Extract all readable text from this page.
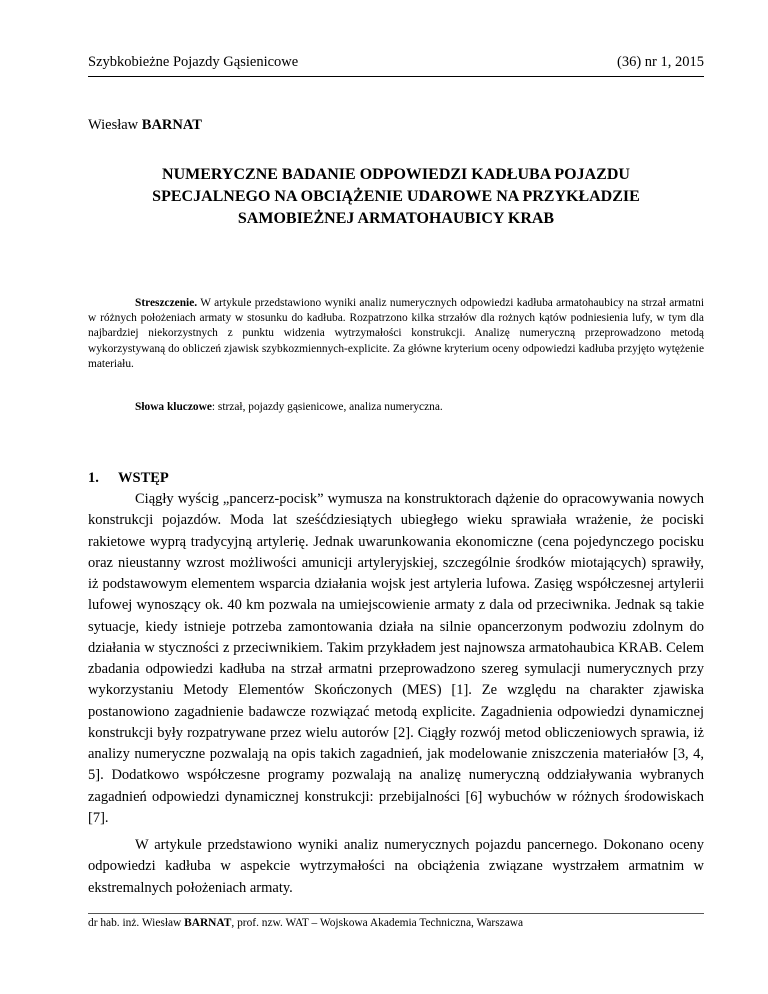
Szybkobieżne Pojazdy Gąsienicowe	(36) nr 1, 2015
Wiesław BARNAT
NUMERYCZNE BADANIE ODPOWIEDZI KADŁUBA POJAZDU
SPECJALNEGO NA OBCIĄŻENIE UDAROWE NA PRZYKŁADZIE
SAMOBIEŻNEJ ARMATOHAUBICY KRAB
Streszczenie. W artykule przedstawiono wyniki analiz numerycznych odpowiedzi kadłuba armatohaubicy na strzał armatni w różnych położeniach armaty w stosunku do kadłuba. Rozpatrzono kilka strzałów dla rożnych kątów podniesienia lufy, w tym dla najbardziej niekorzystnych z punktu widzenia wytrzymałości konstrukcji. Analizę numeryczną przeprowadzono metodą wykorzystywaną do obliczeń zjawisk szybkozmiennych-explicite. Za główne kryterium oceny odpowiedzi kadłuba przyjęto wytężenie materiału.
Słowa kluczowe: strzał, pojazdy gąsienicowe, analiza numeryczna.
1. WSTĘP
Ciągły wyścig „pancerz-pocisk” wymusza na konstruktorach dążenie do opracowywania nowych konstrukcji pojazdów. Moda lat sześćdziesiątych ubiegłego wieku sprawiała wrażenie, że pociski rakietowe wyprą tradycyjną artylerię. Jednak uwarunkowania ekonomiczne (cena pojedynczego pocisku oraz nieustanny wzrost możliwości amunicji artyleryjskiej, szczególnie środków miotających) sprawiły, iż podstawowym elementem wsparcia działania wojsk jest artyleria lufowa. Zasięg współczesnej artylerii lufowej wynoszący ok. 40 km pozwala na umiejscowienie armaty z dala od przeciwnika. Jednak są takie sytuacje, kiedy istnieje potrzeba zamontowania działa na silnie opancerzonym podwoziu zdolnym do działania w styczności z przeciwnikiem. Takim przykładem jest najnowsza armatohaubica KRAB. Celem zbadania odpowiedzi kadłuba na strzał armatni przeprowadzono szereg symulacji numerycznych przy wykorzystaniu Metody Elementów Skończonych (MES) [1]. Ze względu na charakter zjawiska postanowiono zagadnienie badawcze rozwiązać metodą explicite. Zagadnienia odpowiedzi dynamicznej konstrukcji były rozpatrywane przez wielu autorów [2]. Ciągły rozwój metod obliczeniowych sprawia, iż analizy numeryczne pozwalają na opis takich zagadnień, jak modelowanie zniszczenia materiałów [3, 4, 5]. Dodatkowo współczesne programy pozwalają na analizę numeryczną oddziaływania wybranych zagadnień odpowiedzi dynamicznej konstrukcji: przebijalności [6] wybuchów w różnych środowiskach [7].
W artykule przedstawiono wyniki analiz numerycznych pojazdu pancernego. Dokonano oceny odpowiedzi kadłuba w aspekcie wytrzymałości na obciążenia związane wystrzałem armatnim w ekstremalnych położeniach armaty.
dr hab. inż. Wiesław BARNAT, prof. nzw. WAT – Wojskowa Akademia Techniczna, Warszawa
